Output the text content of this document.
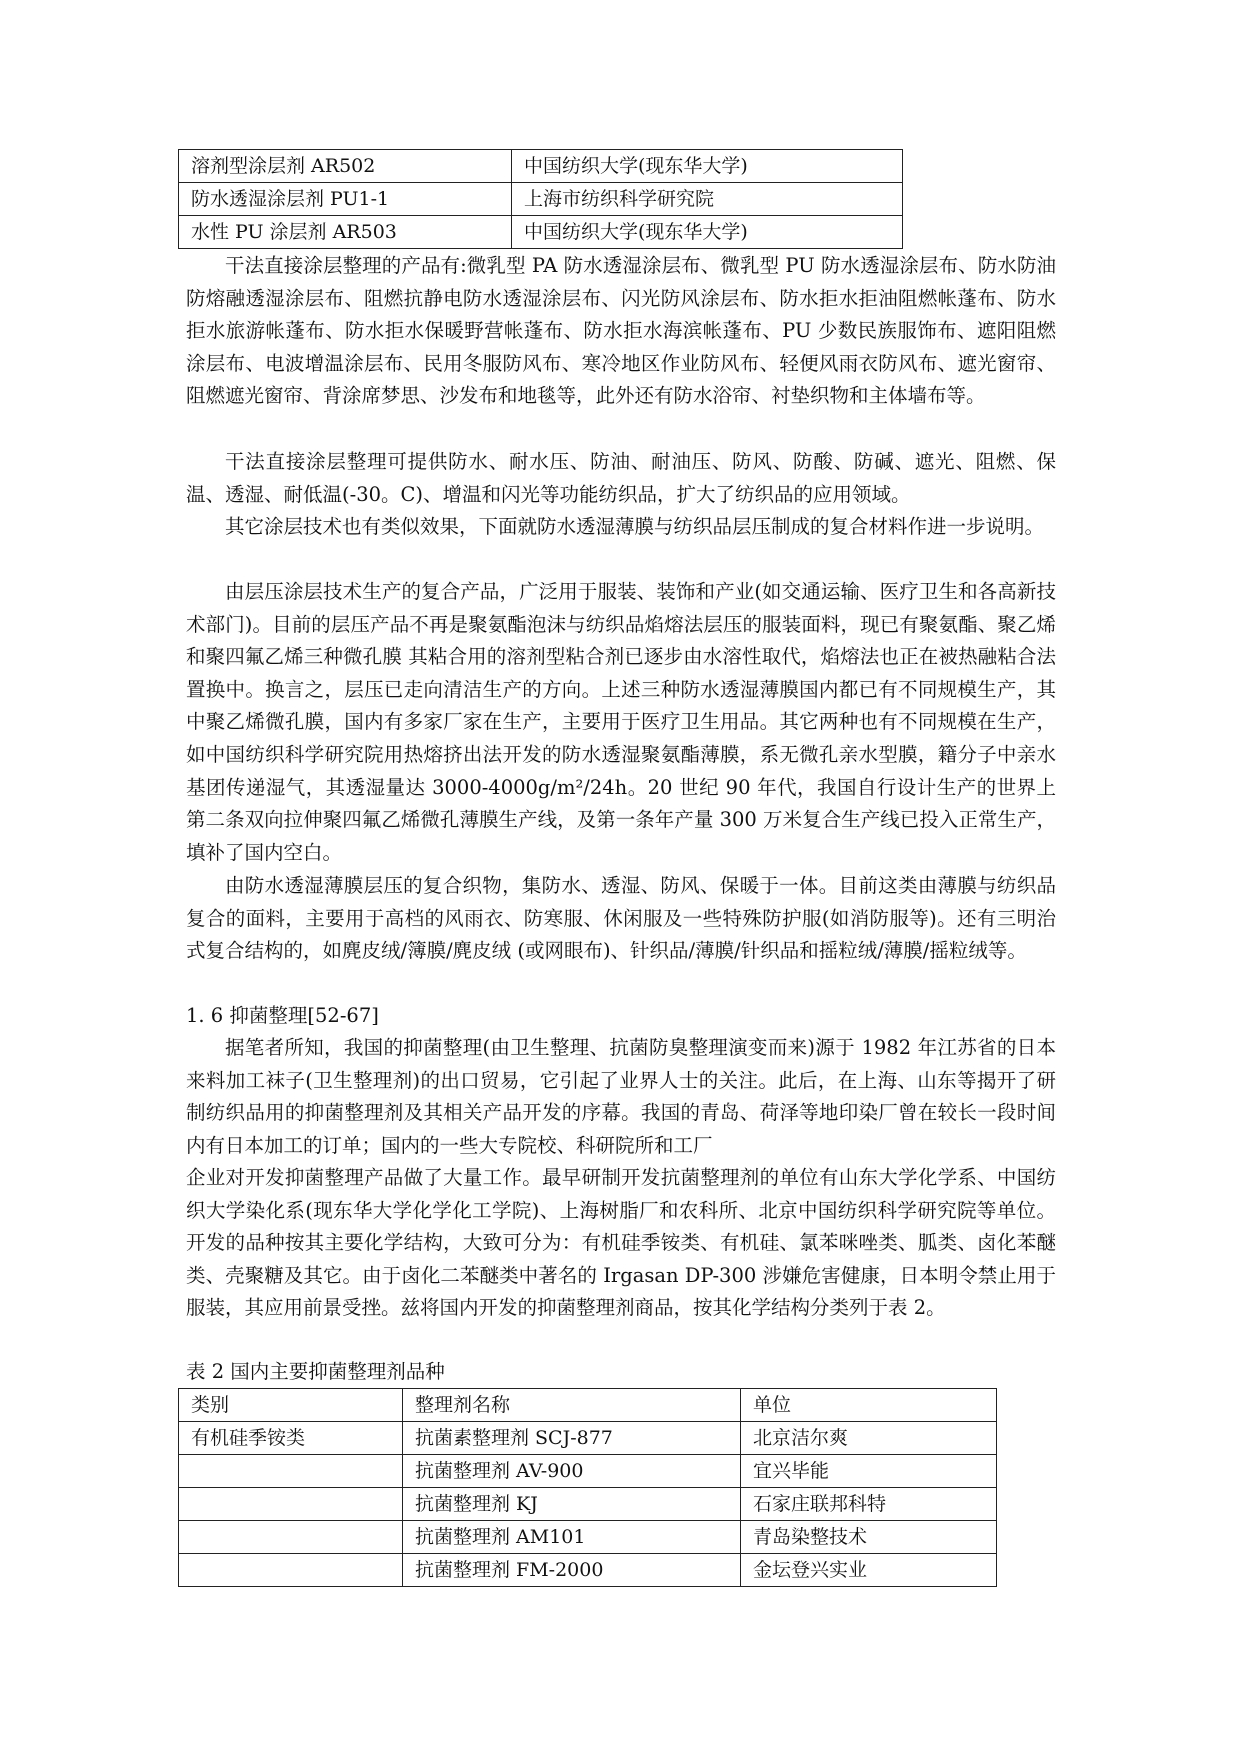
溶剂型涂层剂 AR502	中国纺织大学(现东华大学)
防水透湿涂层剂 PU1-1	上海市纺织科学研究院
水性 PU 涂层剂 AR503	中国纺织大学(现东华大学)

干法直接涂层整理的产品有:微乳型 PA 防水透湿涂层布、微乳型 PU 防水透湿涂层布、防水防油防熔融透湿涂层布、阻燃抗静电防水透湿涂层布、闪光防风涂层布、防水拒水拒油阻燃帐蓬布、防水拒水旅游帐蓬布、防水拒水保暖野营帐蓬布、防水拒水海滨帐蓬布、PU 少数民族服饰布、遮阳阻燃涂层布、电波增温涂层布、民用冬服防风布、寒冷地区作业防风布、轻便风雨衣防风布、遮光窗帘、阻燃遮光窗帘、背涂席梦思、沙发布和地毯等，此外还有防水浴帘、衬垫织物和主体墙布等。

干法直接涂层整理可提供防水、耐水压、防油、耐油压、防风、防酸、防碱、遮光、阻燃、保温、透湿、耐低温(-30。C)、增温和闪光等功能纺织品，扩大了纺织品的应用领域。

其它涂层技术也有类似效果，下面就防水透湿薄膜与纺织品层压制成的复合材料作进一步说明。

由层压涂层技术生产的复合产品，广泛用于服装、装饰和产业(如交通运输、医疗卫生和各高新技术部门)。目前的层压产品不再是聚氨酯泡沫与纺织品焰熔法层压的服装面料，现已有聚氨酯、聚乙烯和聚四氟乙烯三种微孔膜 其粘合用的溶剂型粘合剂已逐步由水溶性取代，焰熔法也正在被热融粘合法置换中。换言之，层压已走向清洁生产的方向。上述三种防水透湿薄膜国内都已有不同规模生产，其中聚乙烯微孔膜，国内有多家厂家在生产，主要用于医疗卫生用品。其它两种也有不同规模在生产，如中国纺织科学研究院用热熔挤出法开发的防水透湿聚氨酯薄膜，系无微孔亲水型膜，籍分子中亲水基团传递湿气，其透湿量达 3000-4000g/m²/24h。20 世纪 90 年代，我国自行设计生产的世界上第二条双向拉伸聚四氟乙烯微孔薄膜生产线，及第一条年产量 300 万米复合生产线已投入正常生产，填补了国内空白。

由防水透湿薄膜层压的复合织物，集防水、透湿、防风、保暖于一体。目前这类由薄膜与纺织品复合的面料，主要用于高档的风雨衣、防寒服、休闲服及一些特殊防护服(如消防服等)。还有三明治式复合结构的，如麂皮绒/簿膜/麂皮绒 (或网眼布)、针织品/薄膜/针织品和摇粒绒/薄膜/摇粒绒等。

1. 6 抑菌整理[52-67]

据笔者所知，我国的抑菌整理(由卫生整理、抗菌防臭整理演变而来)源于 1982 年江苏省的日本来料加工袜子(卫生整理剂)的出口贸易，它引起了业界人士的关注。此后，在上海、山东等揭开了研制纺织品用的抑菌整理剂及其相关产品开发的序幕。我国的青岛、荷泽等地印染厂曾在较长一段时间内有日本加工的订单；国内的一些大专院校、科研院所和工厂

企业对开发抑菌整理产品做了大量工作。最早研制开发抗菌整理剂的单位有山东大学化学系、中国纺织大学染化系(现东华大学化学化工学院)、上海树脂厂和农科所、北京中国纺织科学研究院等单位。开发的品种按其主要化学结构，大致可分为：有机硅季铵类、有机硅、氯苯咪唑类、胍类、卤化苯醚类、壳聚糖及其它。由于卤化二苯醚类中著名的 Irgasan DP-300 涉嫌危害健康，日本明令禁止用于服装，其应用前景受挫。兹将国内开发的抑菌整理剂商品，按其化学结构分类列于表 2。

表 2 国内主要抑菌整理剂品种

类别	整理剂名称	单位
有机硅季铵类	抗菌素整理剂 SCJ-877	北京洁尔爽
	抗菌整理剂 AV-900	宜兴毕能
	抗菌整理剂 KJ	石家庄联邦科特
	抗菌整理剂 AM101	青岛染整技术
	抗菌整理剂 FM-2000	金坛登兴实业
